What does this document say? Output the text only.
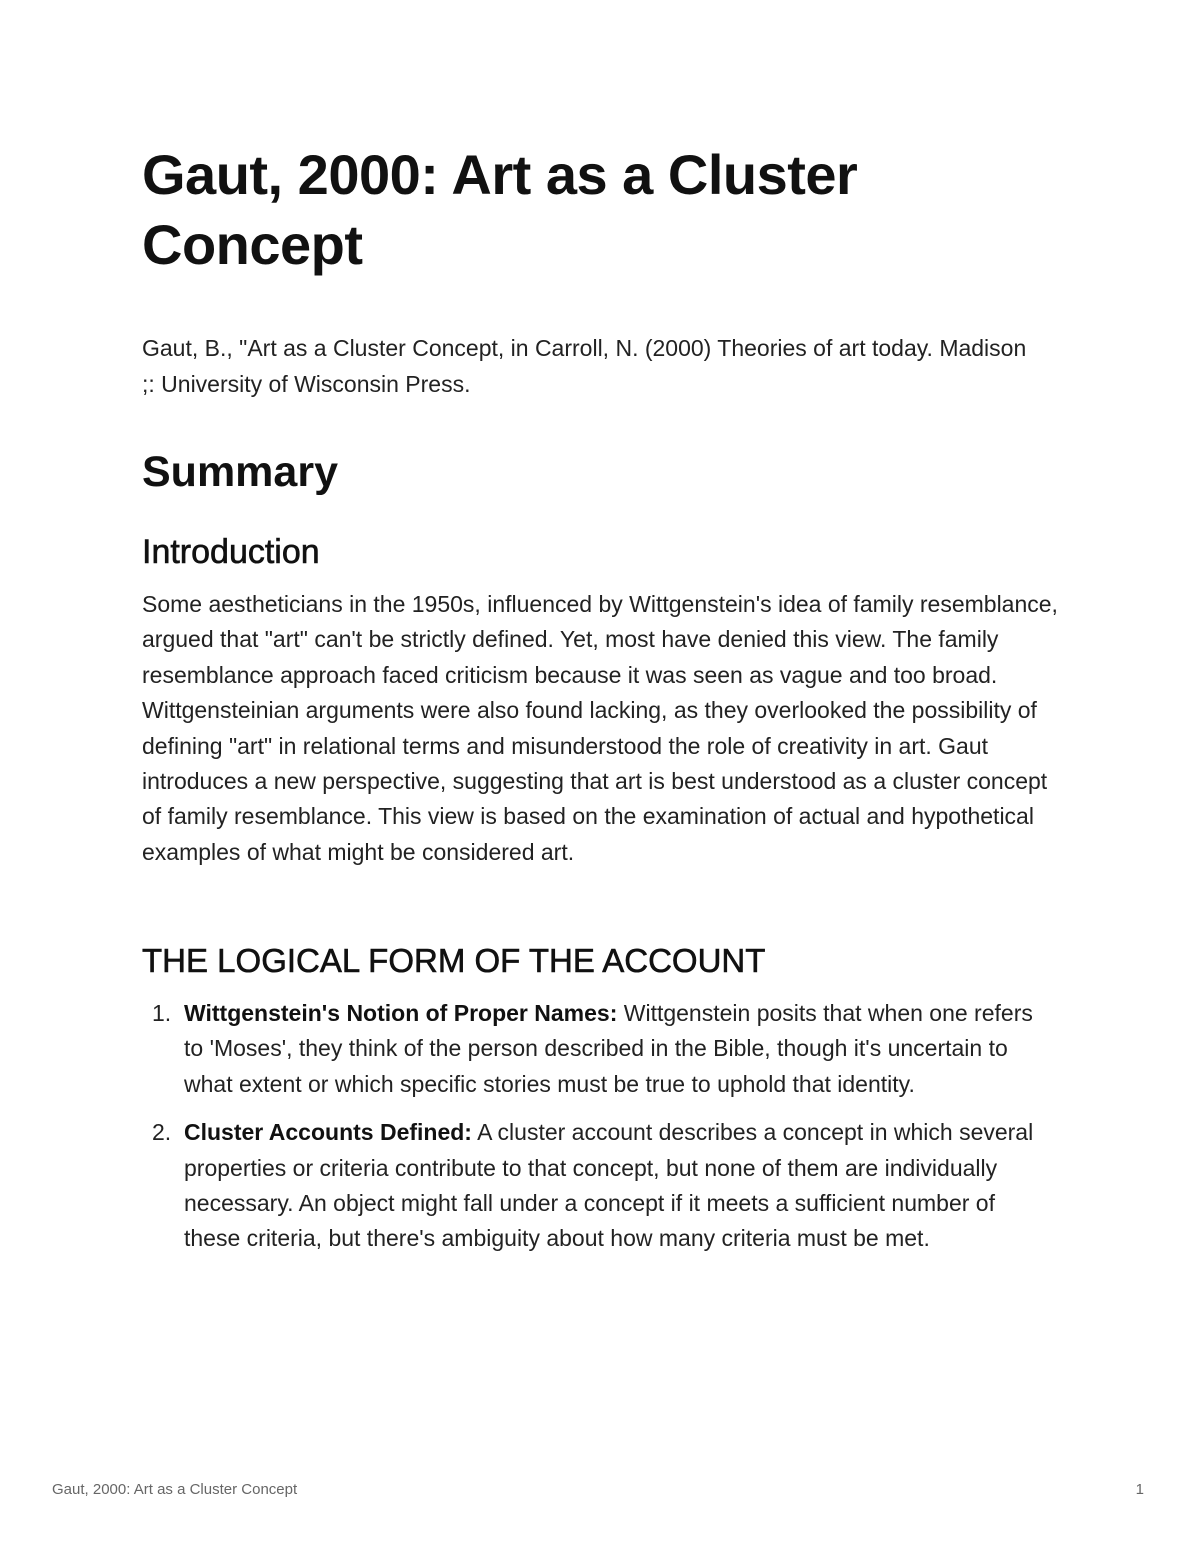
Gaut, 2000: Art as a Cluster Concept

Gaut, B., "Art as a Cluster Concept, in Carroll, N. (2000) Theories of art today. Madison ;: University of Wisconsin Press.

Summary
Introduction

Some aestheticians in the 1950s, influenced by Wittgenstein's idea of family resemblance, argued that "art" can't be strictly defined. Yet, most have denied this view. The family resemblance approach faced criticism because it was seen as vague and too broad. Wittgensteinian arguments were also found lacking, as they overlooked the possibility of defining "art" in relational terms and misunderstood the role of creativity in art. Gaut introduces a new perspective, suggesting that art is best understood as a cluster concept of family resemblance. This view is based on the examination of actual and hypothetical examples of what might be considered art.

THE LOGICAL FORM OF THE ACCOUNT
1. Wittgenstein's Notion of Proper Names: Wittgenstein posits that when one refers to 'Moses', they think of the person described in the Bible, though it's uncertain to what extent or which specific stories must be true to uphold that identity.
2. Cluster Accounts Defined: A cluster account describes a concept in which several properties or criteria contribute to that concept, but none of them are individually necessary. An object might fall under a concept if it meets a sufficient number of these criteria, but there's ambiguity about how many criteria must be met.
Gaut, 2000: Art as a Cluster Concept	1
